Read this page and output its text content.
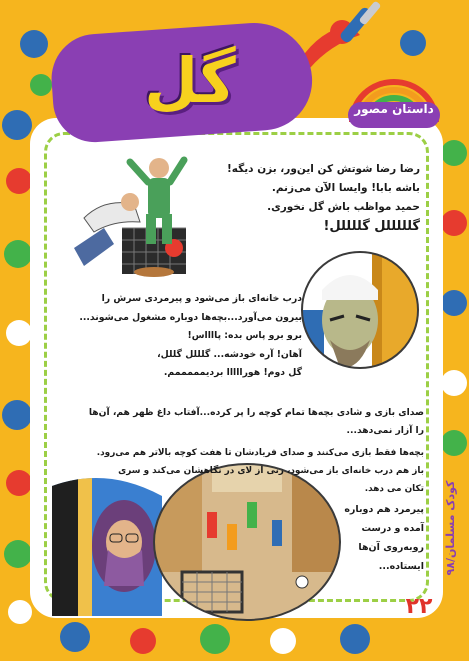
گل	داستان مصور

رضا رضا شوتش کن این‌ور، بزن دیگه!

باشه بابا! وایسا الآن می‌زنم.

حمید مواظب باش گل نخوری.

گلللللل گللللل!

درب خانه‌ای باز می‌شود و پیرمردی سرش را

بیرون می‌آورد...بچه‌ها دوباره مشغول می‌شوند...

برو برو پاس بده: پااااس!

آهان! آره خودشه... گلللل گللل،

گل دوم! هورااااا بردیمممممم.

صدای بازی و شادی بچه‌ها تمام کوچه را پر کرده...آفتاب داغ ظهر هم، آن‌ها

را آزار نمی‌دهد...

بچه‌ها فقط بازی می‌کنند و صدای فریادشان تا هفت کوچه بالاتر هم می‌رود.

باز هم درب خانه‌ای باز می‌شود، زنی از لای در نگاهشان می‌کند و سری

تکان می دهد.

پیرمرد هم دوباره

آمده و درست

روبه‌روی آن‌ها

ایستاده... کودک مسلمان/۹۸
۲۲
